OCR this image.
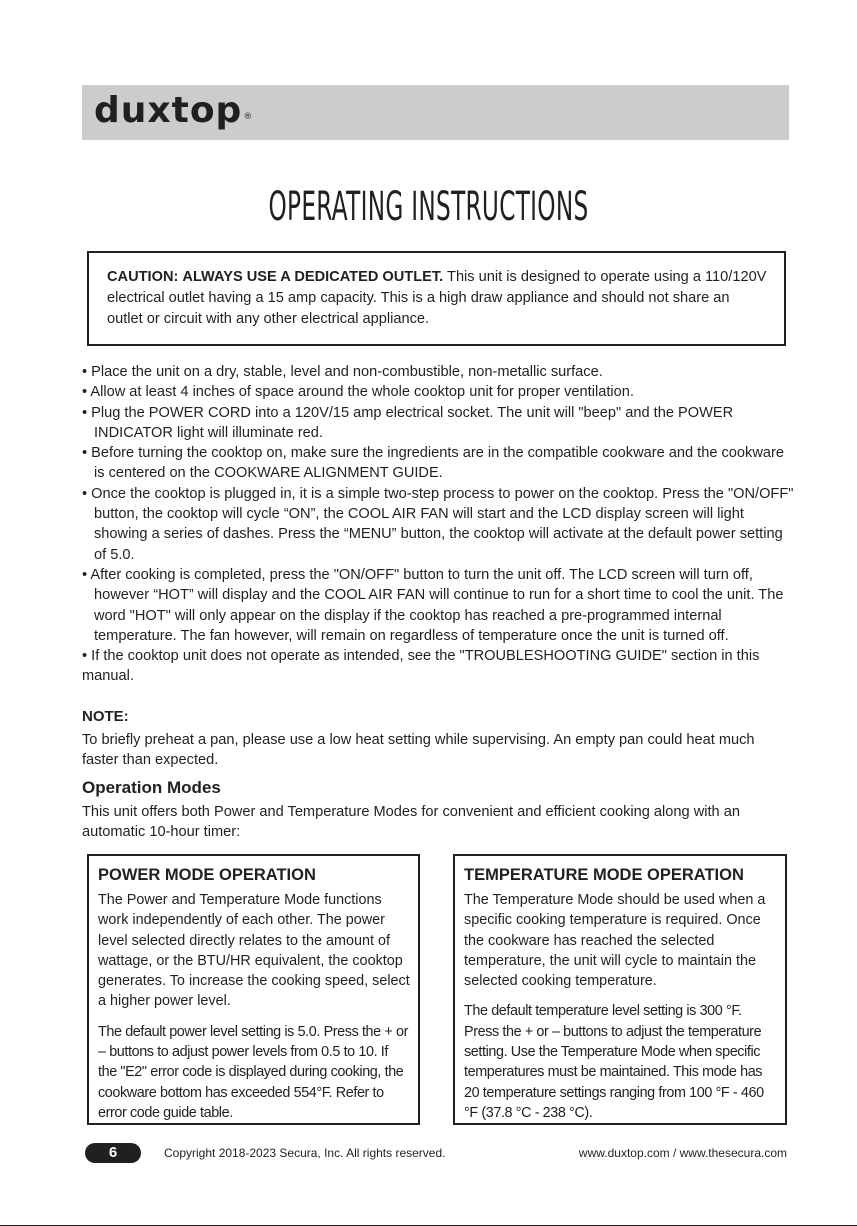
duxtop®
OPERATING INSTRUCTIONS
CAUTION: ALWAYS USE A DEDICATED OUTLET. This unit is designed to operate using a 110/120V electrical outlet having a 15 amp capacity. This is a high draw appliance and should not share an outlet or circuit with any other electrical appliance.
• Place the unit on a dry, stable, level and non-combustible, non-metallic surface.
• Allow at least 4 inches of space around the whole cooktop unit for proper ventilation.
• Plug the POWER CORD into a 120V/15 amp electrical socket. The unit will "beep" and the POWER INDICATOR light will illuminate red.
• Before turning the cooktop on, make sure the ingredients are in the compatible cookware and the cookware is centered on the COOKWARE ALIGNMENT GUIDE.
• Once the cooktop is plugged in, it is a simple two-step process to power on the cooktop. Press the "ON/OFF" button, the cooktop will cycle “ON”, the COOL AIR FAN will start and the LCD display screen will light showing a series of dashes. Press the “MENU” button, the cooktop will activate at the default power setting of 5.0.
• After cooking is completed, press the "ON/OFF" button to turn the unit off. The LCD screen will turn off, however “HOT” will display and the COOL AIR FAN will continue to run for a short time to cool the unit. The word "HOT" will only appear on the display if the cooktop has reached a pre-programmed internal temperature. The fan however, will remain on regardless of temperature once the unit is turned off.
• If the cooktop unit does not operate as intended, see the "TROUBLESHOOTING GUIDE" section in this manual.
NOTE:
To briefly preheat a pan, please use a low heat setting while supervising. An empty pan could heat much faster than expected.
Operation Modes
This unit offers both Power and Temperature Modes for convenient and efficient cooking along with an automatic 10-hour timer:
POWER MODE OPERATION

The Power and Temperature Mode functions work independently of each other. The power level selected directly relates to the amount of wattage, or the BTU/HR equivalent, the cooktop generates. To increase the cooking speed, select a higher power level.

The default power level setting is 5.0. Press the + or – buttons to adjust power levels from 0.5 to 10. If the "E2" error code is displayed during cooking, the cookware bottom has exceeded 554°F. Refer to error code guide table.

TEMPERATURE MODE OPERATION

The Temperature Mode should be used when a specific cooking temperature is required. Once the cookware has reached the selected temperature, the unit will cycle to maintain the selected cooking temperature.

The default temperature level setting is 300 °F. Press the + or – buttons to adjust the temperature setting. Use the Temperature Mode when specific temperatures must be maintained. This mode has 20 temperature settings ranging from 100 °F - 460 °F (37.8 °C - 238 °C).

6	Copyright 2018-2023 Secura, Inc. All rights reserved.	www.duxtop.com / www.thesecura.com
